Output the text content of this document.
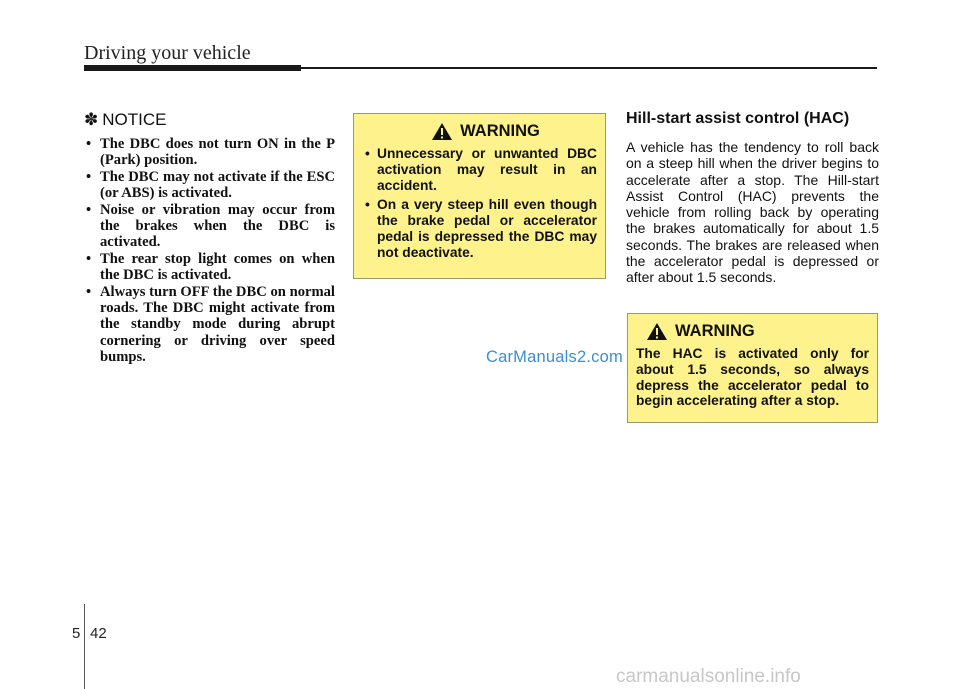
Driving your vehicle
✽ NOTICE
• The DBC does not turn ON in the P (Park) position.
• The DBC may not activate if the ESC (or ABS) is activated.
• Noise or vibration may occur from the brakes when the DBC is activated.
• The rear stop light comes on when the DBC is activated.
• Always turn OFF the DBC on normal roads. The DBC might activate from the standby mode during abrupt cornering or driving over speed bumps.
WARNING
• Unnecessary or unwanted DBC activation may result in an accident.
• On a very steep hill even though the brake pedal or accelerator pedal is depressed the DBC may not deactivate.
Hill-start assist control (HAC)

A vehicle has the tendency to roll back on a steep hill when the driver begins to accelerate after a stop. The Hill-start Assist Control (HAC) prevents the vehicle from rolling back by operating the brakes automatically for about 1.5 seconds. The brakes are released when the accelerator pedal is depressed or after about 1.5 seconds.

WARNING
The HAC is activated only for about 1.5 seconds, so always depress the accelerator pedal to begin accelerating after a stop.
CarManuals2.com
5 42
carmanualsonline.info
